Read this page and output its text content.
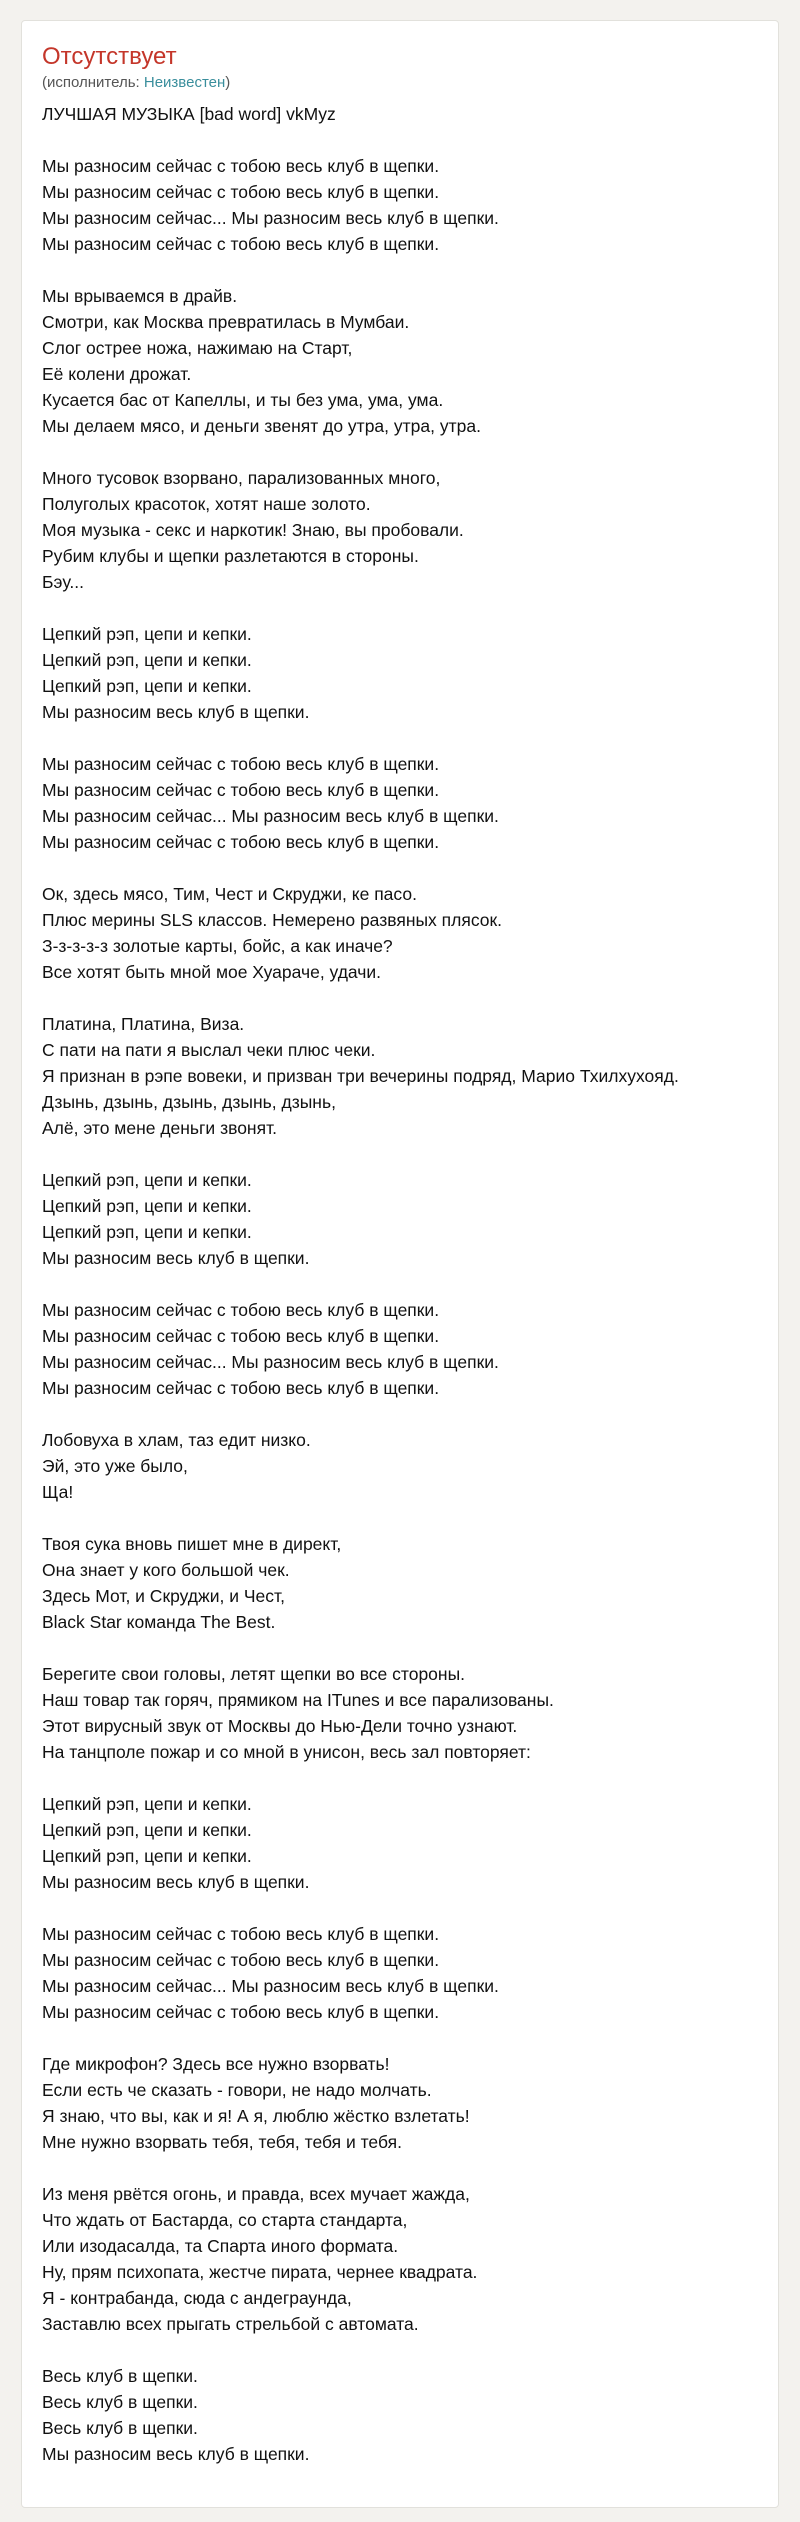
Отсутствует
(исполнитель: Неизвестен)
ЛУЧШАЯ МУЗЫКА [bad word] vkMyz
Мы разносим сейчас с тобою весь клуб в щепки.
Мы разносим сейчас с тобою весь клуб в щепки.
Мы разносим сейчас... Мы разносим весь клуб в щепки.
Мы разносим сейчас с тобою весь клуб в щепки.
Мы врываемся в драйв.
Смотри, как Москва превратилась в Мумбаи.
Слог острее ножа, нажимаю на Старт,
Её колени дрожат.
Кусается бас от Капеллы, и ты без ума, ума, ума.
Мы делаем мясо, и деньги звенят до утра, утра, утра.
Много тусовок взорвано, парализованных много,
Полуголых красоток, хотят наше золото.
Моя музыка - секс и наркотик! Знаю, вы пробовали.
Рубим клубы и щепки разлетаются в стороны.
Бэу...
Цепкий рэп, цепи и кепки.
Цепкий рэп, цепи и кепки.
Цепкий рэп, цепи и кепки.
Мы разносим весь клуб в щепки.
Мы разносим сейчас с тобою весь клуб в щепки.
Мы разносим сейчас с тобою весь клуб в щепки.
Мы разносим сейчас... Мы разносим весь клуб в щепки.
Мы разносим сейчас с тобою весь клуб в щепки.
Ок, здесь мясо, Тим, Чест и Скруджи, ке пасо.
Плюс мерины SLS классов. Немерено развяных плясок.
З-з-з-з-з золотые карты, бойс, а как иначе?
Все хотят быть мной мое Хуараче, удачи.
Платина, Платина, Виза.
С пати на пати я выслал чеки плюс чеки.
Я признан в рэпе вовеки, и призван три вечерины подряд, Марио Тхилхухояд.
Дзынь, дзынь, дзынь, дзынь, дзынь,
Алё, это мене деньги звонят.
Цепкий рэп, цепи и кепки.
Цепкий рэп, цепи и кепки.
Цепкий рэп, цепи и кепки.
Мы разносим весь клуб в щепки.
Мы разносим сейчас с тобою весь клуб в щепки.
Мы разносим сейчас с тобою весь клуб в щепки.
Мы разносим сейчас... Мы разносим весь клуб в щепки.
Мы разносим сейчас с тобою весь клуб в щепки.
Лобовуха в хлам, таз едит низко.
Эй, это уже было,
Ща!
Твоя сука вновь пишет мне в директ,
Она знает у кого большой чек.
Здесь Мот, и Скруджи, и Чест,
Black Star команда The Best.
Берегите свои головы, летят щепки во все стороны.
Наш товар так горяч, прямиком на ITunes и все парализованы.
Этот вирусный звук от Москвы до Нью-Дели точно узнают.
На танцполе пожар и со мной в унисон, весь зал повторяет:
Цепкий рэп, цепи и кепки.
Цепкий рэп, цепи и кепки.
Цепкий рэп, цепи и кепки.
Мы разносим весь клуб в щепки.
Мы разносим сейчас с тобою весь клуб в щепки.
Мы разносим сейчас с тобою весь клуб в щепки.
Мы разносим сейчас... Мы разносим весь клуб в щепки.
Мы разносим сейчас с тобою весь клуб в щепки.
Где микрофон? Здесь все нужно взорвать!
Если есть че сказать - говори, не надо молчать.
Я знаю, что вы, как и я! А я, люблю жёстко взлетать!
Мне нужно взорвать тебя, тебя, тебя и тебя.
Из меня рвётся огонь, и правда, всех мучает жажда,
Что ждать от Бастарда, со старта стандарта,
Или изодасалда, та Спарта иного формата.
Ну, прям психопата, жестче пирата, чернее квадрата.
Я - контрабанда, сюда с андеграунда,
Заставлю всех прыгать стрельбой с автомата.
Весь клуб в щепки.
Весь клуб в щепки.
Весь клуб в щепки.
Мы разносим весь клуб в щепки.
